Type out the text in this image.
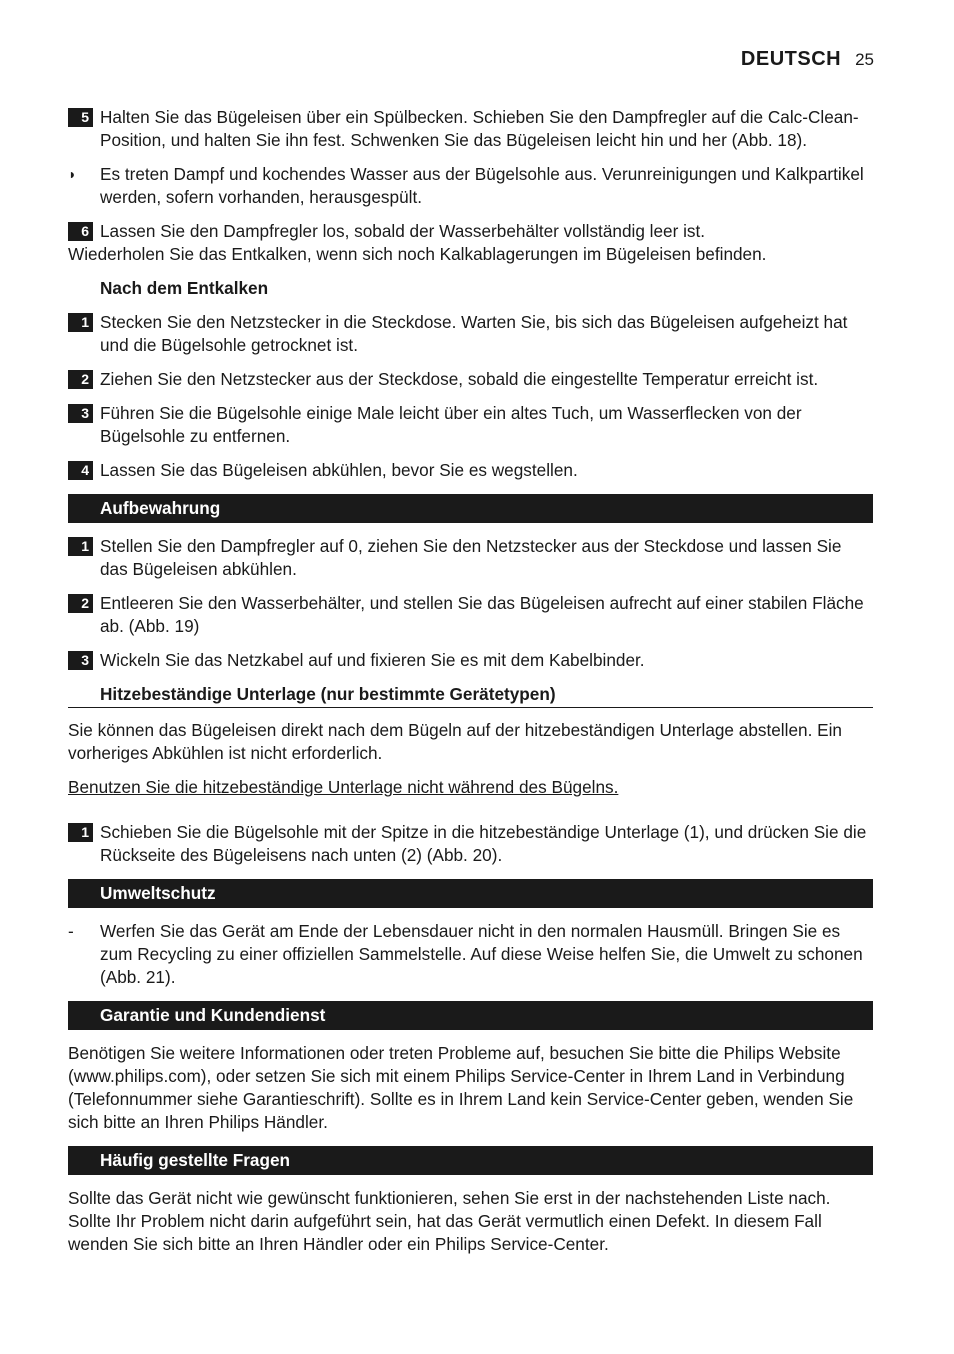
DEUTSCH 25
5 Halten Sie das Bügeleisen über ein Spülbecken. Schieben Sie den Dampfregler auf die Calc-Clean-Position, und halten Sie ihn fest. Schwenken Sie das Bügeleisen leicht hin und her (Abb. 18).
◗ Es treten Dampf und kochendes Wasser aus der Bügelsohle aus. Verunreinigungen und Kalkpartikel werden, sofern vorhanden, herausgespült.
6 Lassen Sie den Dampfregler los, sobald der Wasserbehälter vollständig leer ist.
Wiederholen Sie das Entkalken, wenn sich noch Kalkablagerungen im Bügeleisen befinden.
Nach dem Entkalken
1 Stecken Sie den Netzstecker in die Steckdose. Warten Sie, bis sich das Bügeleisen aufgeheizt hat und die Bügelsohle getrocknet ist.
2 Ziehen Sie den Netzstecker aus der Steckdose, sobald die eingestellte Temperatur erreicht ist.
3 Führen Sie die Bügelsohle einige Male leicht über ein altes Tuch, um Wasserflecken von der Bügelsohle zu entfernen.
4 Lassen Sie das Bügeleisen abkühlen, bevor Sie es wegstellen.
Aufbewahrung
1 Stellen Sie den Dampfregler auf 0, ziehen Sie den Netzstecker aus der Steckdose und lassen Sie das Bügeleisen abkühlen.
2 Entleeren Sie den Wasserbehälter, und stellen Sie das Bügeleisen aufrecht auf einer stabilen Fläche ab. (Abb. 19)
3 Wickeln Sie das Netzkabel auf und fixieren Sie es mit dem Kabelbinder.
Hitzebeständige Unterlage (nur bestimmte Gerätetypen)
Sie können das Bügeleisen direkt nach dem Bügeln auf der hitzebeständigen Unterlage abstellen. Ein vorheriges Abkühlen ist nicht erforderlich.
Benutzen Sie die hitzebeständige Unterlage nicht während des Bügelns.
1 Schieben Sie die Bügelsohle mit der Spitze in die hitzebeständige Unterlage (1), und drücken Sie die Rückseite des Bügeleisens nach unten (2) (Abb. 20).
Umweltschutz
- Werfen Sie das Gerät am Ende der Lebensdauer nicht in den normalen Hausmüll. Bringen Sie es zum Recycling zu einer offiziellen Sammelstelle. Auf diese Weise helfen Sie, die Umwelt zu schonen (Abb. 21).
Garantie und Kundendienst
Benötigen Sie weitere Informationen oder treten Probleme auf, besuchen Sie bitte die Philips Website (www.philips.com), oder setzen Sie sich mit einem Philips Service-Center in Ihrem Land in Verbindung (Telefonnummer siehe Garantieschrift). Sollte es in Ihrem Land kein Service-Center geben, wenden Sie sich bitte an Ihren Philips Händler.
Häufig gestellte Fragen
Sollte das Gerät nicht wie gewünscht funktionieren, sehen Sie erst in der nachstehenden Liste nach. Sollte Ihr Problem nicht darin aufgeführt sein, hat das Gerät vermutlich einen Defekt. In diesem Fall wenden Sie sich bitte an Ihren Händler oder ein Philips Service-Center.
